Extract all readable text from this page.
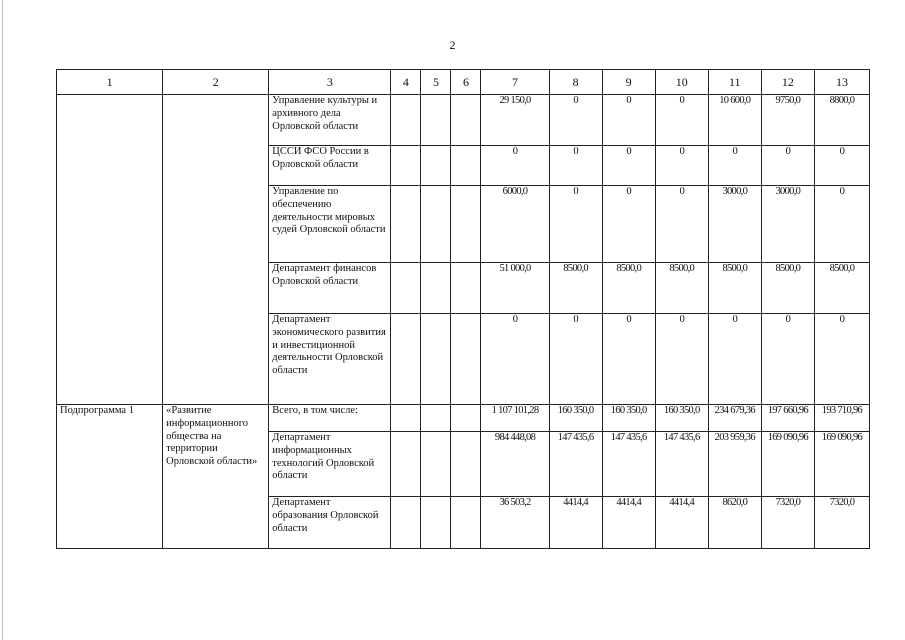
2
1	2	3	4	5	6	7	8	9	10	11	12	13
		Управление культуры и архивного дела Орловской области				29 150,0	0	0	0	10 600,0	9750,0	8800,0
		ЦССИ ФСО России в Орловской области				0	0	0	0	0	0	0
		Управление по обеспечению деятельности мировых судей Орловской области				6000,0	0	0	0	3000,0	3000,0	0
		Департамент финансов Орловской области				51 000,0	8500,0	8500,0	8500,0	8500,0	8500,0	8500,0
		Департамент экономического развития и инвестиционной деятельности Орловской области				0	0	0	0	0	0	0
Подпрограмма 1	«Развитие информационного общества на территории Орловской области»	Всего, в том числе:				1 107 101,28	160 350,0	160 350,0	160 350,0	234 679,36	197 660,96	193 710,96
		Департамент информационных технологий Орловской области				984 448,08	147 435,6	147 435,6	147 435,6	203 959,36	169 090,96	169 090,96
		Департамент образования Орловской области				36 503,2	4414,4	4414,4	4414,4	8620,0	7320,0	7320,0
